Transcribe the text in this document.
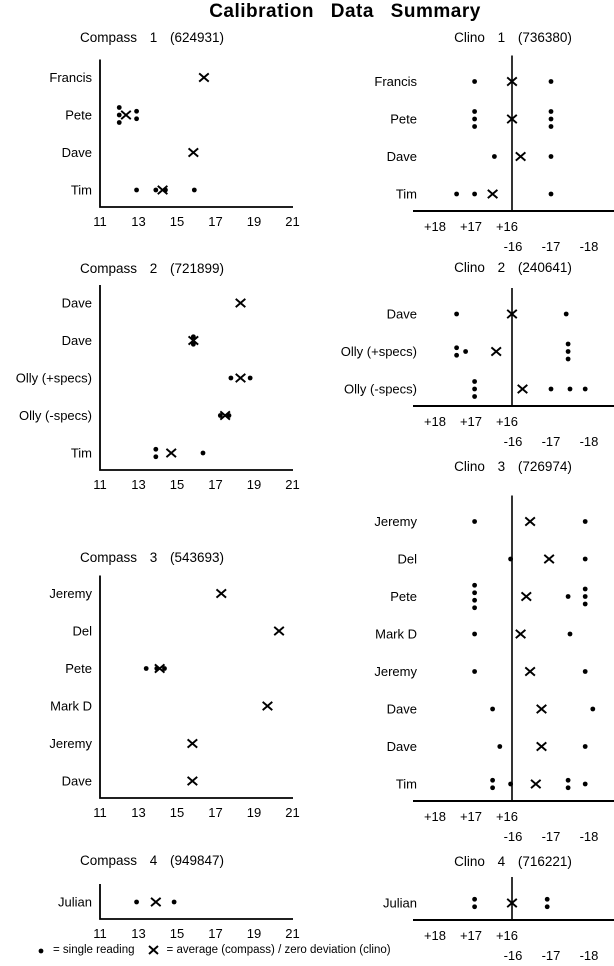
Calibration Data Summary
Compass 1 (624931)
11 13 15 17 19 21
Francis
Pete
Dave
Tim
Clino 1 (736380)
+18 +17 +16
-16 -17 -18
Francis
Pete
Dave
Tim
Compass 2 (721899)
11 13 15 17 19 21
Dave
Dave
Olly (+specs)
Olly (-specs)
Tim
Clino 2 (240641)
+18 +17 +16
-16 -17 -18
Dave
Olly (+specs)
Olly (-specs)
Compass 3 (543693)
11 13 15 17 19 21
Jeremy
Del
Pete
Mark D
Jeremy
Dave
Clino 3 (726974)
+18 +17 +16
-16 -17 -18
Jeremy
Del
Pete
Mark D
Jeremy
Dave
Dave
Tim
Compass 4 (949847)
11 13 15 17 19 21
Julian
Clino 4 (716221)
+18 +17 +16
-16 -17 -18
Julian
= single reading	= average (compass) / zero deviation (clino)
